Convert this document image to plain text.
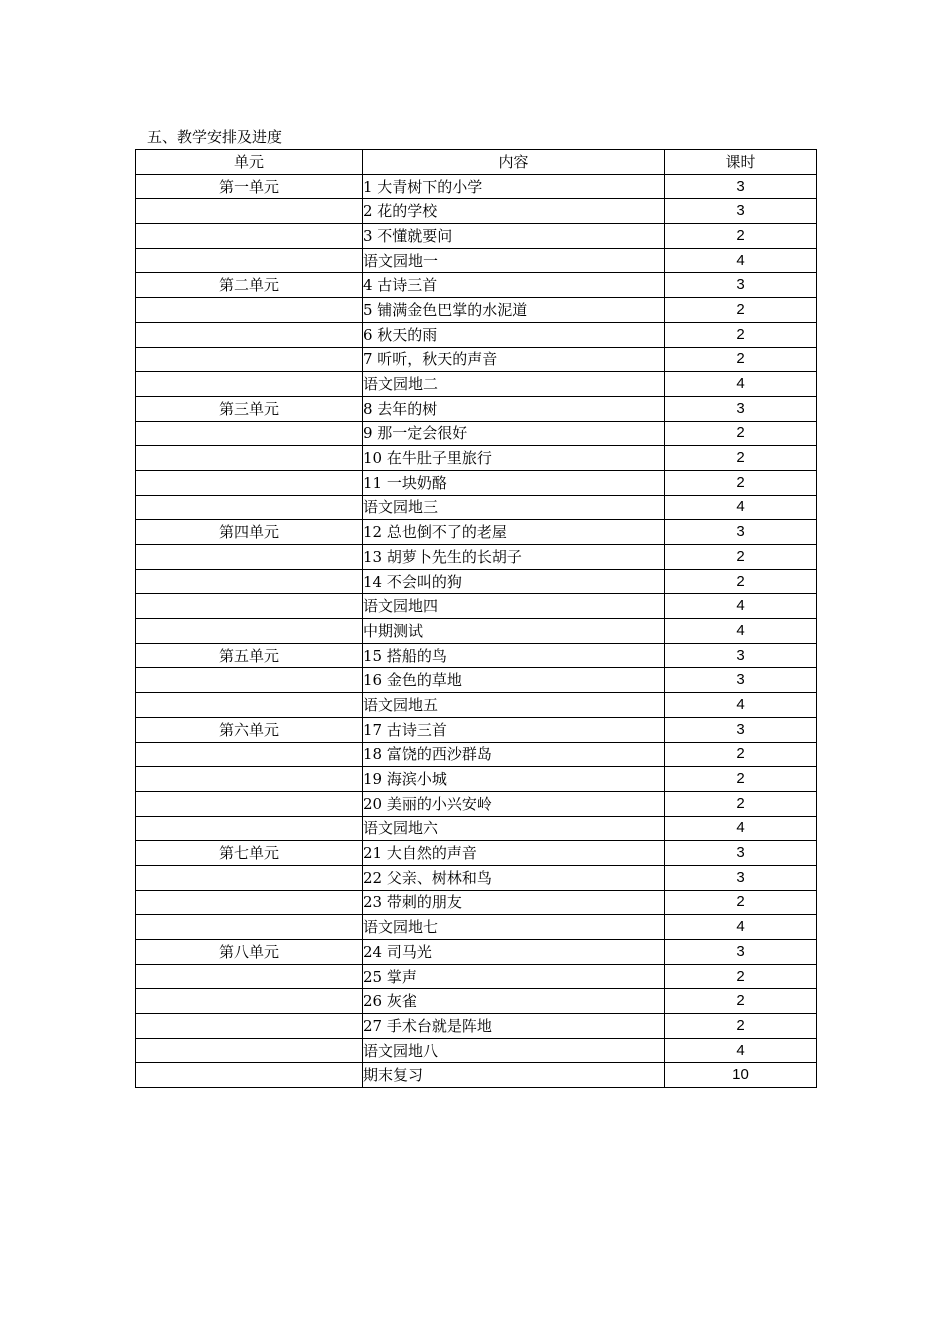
五、教学安排及进度
单元	内容	课时
第一单元	1 大青树下的小学	3
	2 花的学校	3
	3 不懂就要问	2
	语文园地一	4
第二单元	4 古诗三首	3
	5 铺满金色巴掌的水泥道	2
	6 秋天的雨	2
	7 听听，秋天的声音	2
	语文园地二	4
第三单元	8 去年的树	3
	9 那一定会很好	2
	10 在牛肚子里旅行	2
	11 一块奶酪	2
	语文园地三	4
第四单元	12 总也倒不了的老屋	3
	13 胡萝卜先生的长胡子	2
	14 不会叫的狗	2
	语文园地四	4
	中期测试	4
第五单元	15 搭船的鸟	3
	16 金色的草地	3
	语文园地五	4
第六单元	17 古诗三首	3
	18 富饶的西沙群岛	2
	19 海滨小城	2
	20 美丽的小兴安岭	2
	语文园地六	4
第七单元	21 大自然的声音	3
	22 父亲、树林和鸟	3
	23 带刺的朋友	2
	语文园地七	4
第八单元	24 司马光	3
	25 掌声	2
	26 灰雀	2
	27 手术台就是阵地	2
	语文园地八	4
	期末复习	10
